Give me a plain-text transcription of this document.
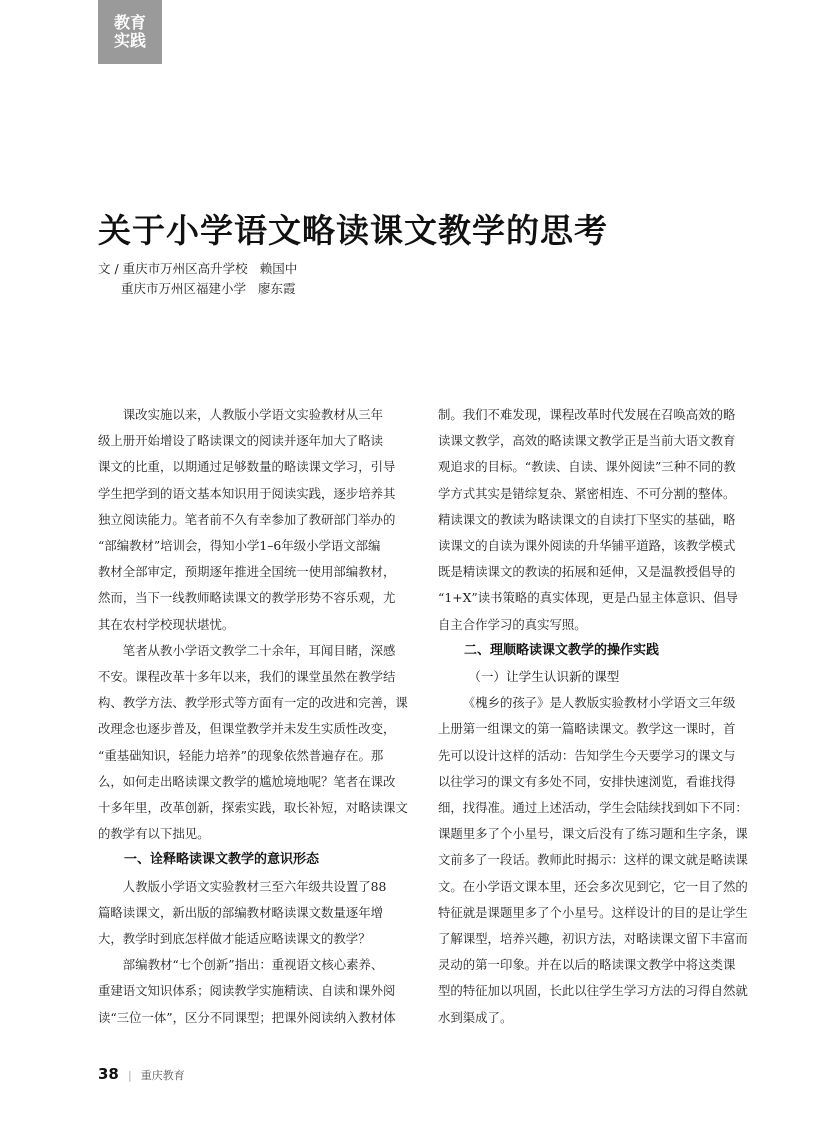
教育
实践
关于小学语文略读课文教学的思考
文 / 重庆市万州区高升学校 赖国中
重庆市万州区福建小学 廖东霞
课改实施以来，人教版小学语文实验教材从三年
级上册开始增设了略读课文的阅读并逐年加大了略读
课文的比重，以期通过足够数量的略读课文学习，引导
学生把学到的语文基本知识用于阅读实践，逐步培养其
独立阅读能力。笔者前不久有幸参加了教研部门举办的
“部编教材”培训会，得知小学1–6年级小学语文部编
教材全部审定，预期逐年推进全国统一使用部编教材，
然而，当下一线教师略读课文的教学形势不容乐观，尤
其在农村学校现状堪忧。
笔者从教小学语文教学二十余年，耳闻目睹，深感
不安。课程改革十多年以来，我们的课堂虽然在教学结
构、教学方法、教学形式等方面有一定的改进和完善，课
改理念也逐步普及，但课堂教学并未发生实质性改变，
“重基础知识，轻能力培养”的现象依然普遍存在。那
么，如何走出略读课文教学的尴尬境地呢？笔者在课改
十多年里，改革创新，探索实践，取长补短，对略读课文
的教学有以下拙见。
一、诠释略读课文教学的意识形态
人教版小学语文实验教材三至六年级共设置了88
篇略读课文，新出版的部编教材略读课文数量逐年增
大，教学时到底怎样做才能适应略读课文的教学？
部编教材“七个创新”指出：重视语文核心素养、
重建语文知识体系；阅读教学实施精读、自读和课外阅
读“三位一体”，区分不同课型；把课外阅读纳入教材体
制。我们不难发现，课程改革时代发展在召唤高效的略
读课文教学，高效的略读课文教学正是当前大语文教育
观追求的目标。“教读、自读、课外阅读”三种不同的教
学方式其实是错综复杂、紧密相连、不可分割的整体。
精读课文的教读为略读课文的自读打下坚实的基础，略
读课文的自读为课外阅读的升华铺平道路，该教学模式
既是精读课文的教读的拓展和延伸，又是温教授倡导的
“1+X”读书策略的真实体现，更是凸显主体意识、倡导
自主合作学习的真实写照。
二、理顺略读课文教学的操作实践
（一）让学生认识新的课型
《槐乡的孩子》是人教版实验教材小学语文三年级
上册第一组课文的第一篇略读课文。教学这一课时，首
先可以设计这样的活动：告知学生今天要学习的课文与
以往学习的课文有多处不同，安排快速浏览，看谁找得
细，找得准。通过上述活动，学生会陆续找到如下不同：
课题里多了个小星号，课文后没有了练习题和生字条，课
文前多了一段话。教师此时揭示：这样的课文就是略读课
文。在小学语文课本里，还会多次见到它，它一目了然的
特征就是课题里多了个小星号。这样设计的目的是让学生
了解课型，培养兴趣，初识方法，对略读课文留下丰富而
灵动的第一印象。并在以后的略读课文教学中将这类课
型的特征加以巩固，长此以往学生学习方法的习得自然就
水到渠成了。
38 | 重庆教育
